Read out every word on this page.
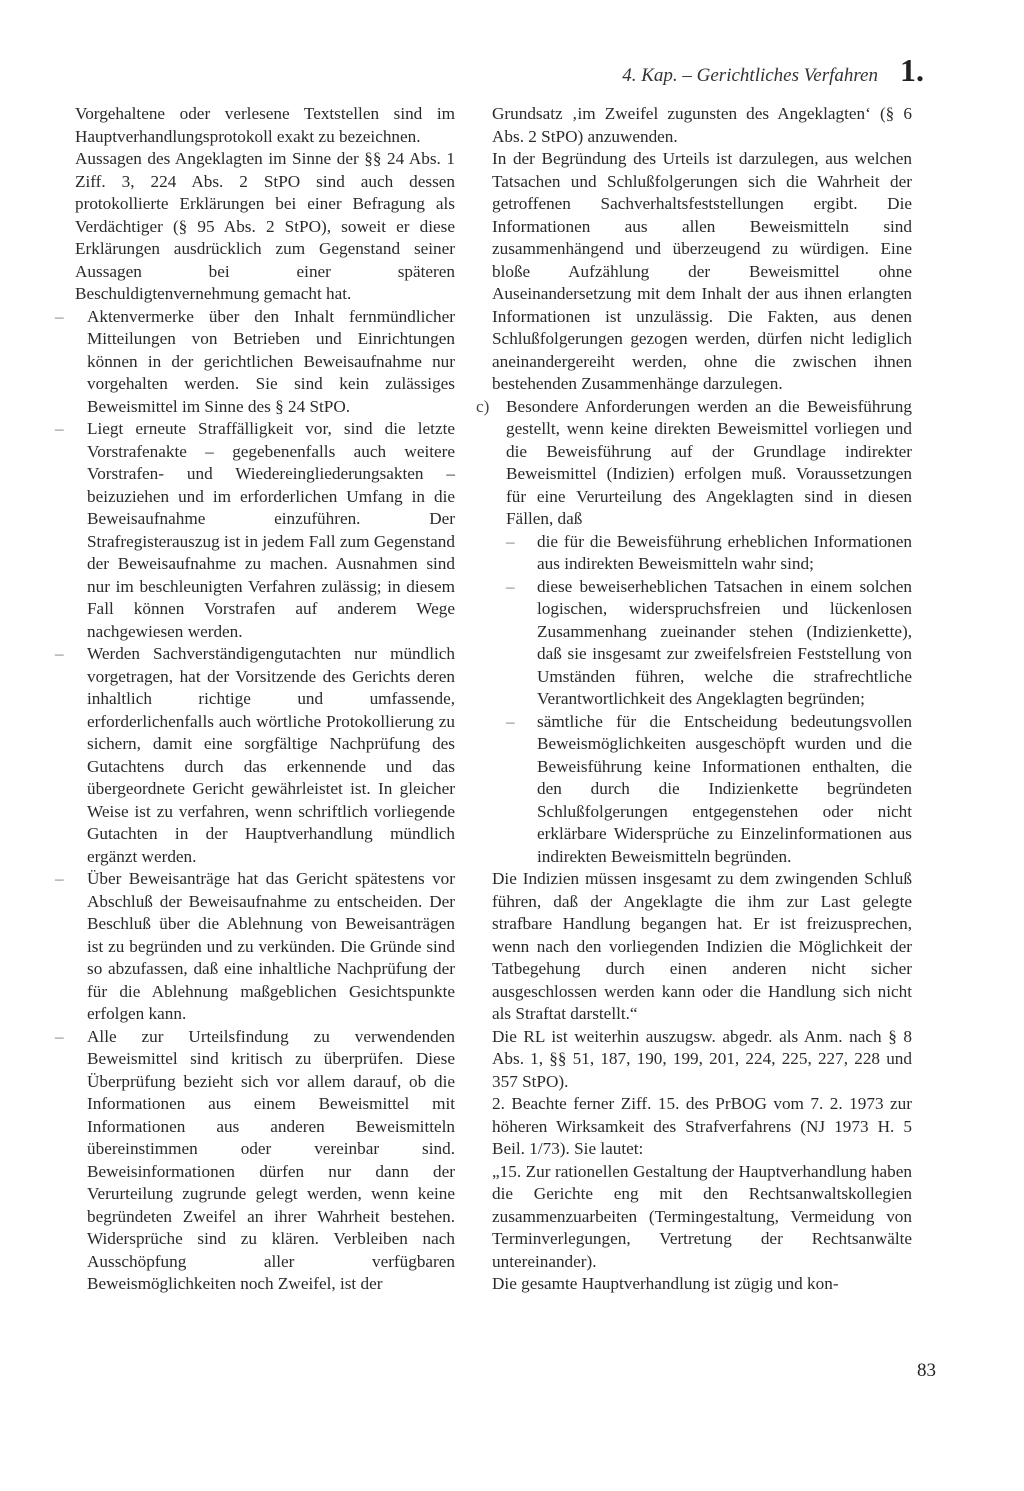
4. Kap. – Gerichtliches Verfahren 1.

Vorgehaltene oder verlesene Textstellen sind im Hauptverhandlungsprotokoll exakt zu bezeichnen.

Aussagen des Angeklagten im Sinne der §§ 24 Abs. 1 Ziff. 3, 224 Abs. 2 StPO sind auch dessen protokollierte Erklärungen bei einer Befragung als Verdächtiger (§ 95 Abs. 2 StPO), soweit er diese Erklärungen ausdrücklich zum Gegenstand seiner Aussagen bei einer späteren Beschuldigtenvernehmung gemacht hat.

– Aktenvermerke über den Inhalt fernmündlicher Mitteilungen von Betrieben und Einrichtungen können in der gerichtlichen Beweisaufnahme nur vorgehalten werden. Sie sind kein zulässiges Beweismittel im Sinne des § 24 StPO.

– Liegt erneute Straffälligkeit vor, sind die letzte Vorstrafenakte – gegebenenfalls auch weitere Vorstrafen- und Wiedereingliederungsakten – beizuziehen und im erforderlichen Umfang in die Beweisaufnahme einzuführen. Der Strafregisterauszug ist in jedem Fall zum Gegenstand der Beweisaufnahme zu machen. Ausnahmen sind nur im beschleunigten Verfahren zulässig; in diesem Fall können Vorstrafen auf anderem Wege nachgewiesen werden.

– Werden Sachverständigengutachten nur mündlich vorgetragen, hat der Vorsitzende des Gerichts deren inhaltlich richtige und umfassende, erforderlichenfalls auch wörtliche Protokollierung zu sichern, damit eine sorgfältige Nachprüfung des Gutachtens durch das erkennende und das übergeordnete Gericht gewährleistet ist. In gleicher Weise ist zu verfahren, wenn schriftlich vorliegende Gutachten in der Hauptverhandlung mündlich ergänzt werden.

– Über Beweisanträge hat das Gericht spätestens vor Abschluß der Beweisaufnahme zu entscheiden. Der Beschluß über die Ablehnung von Beweisanträgen ist zu begründen und zu verkünden. Die Gründe sind so abzufassen, daß eine inhaltliche Nachprüfung der für die Ablehnung maßgeblichen Gesichtspunkte erfolgen kann.

– Alle zur Urteilsfindung zu verwendenden Beweismittel sind kritisch zu überprüfen. Diese Überprüfung bezieht sich vor allem darauf, ob die Informationen aus einem Beweismittel mit Informationen aus anderen Beweismitteln übereinstimmen oder vereinbar sind. Beweisinformationen dürfen nur dann der Verurteilung zugrunde gelegt werden, wenn keine begründeten Zweifel an ihrer Wahrheit bestehen. Widersprüche sind zu klären. Verbleiben nach Ausschöpfung aller verfügbaren Beweismöglichkeiten noch Zweifel, ist der

Grundsatz ‚im Zweifel zugunsten des Angeklagten‘ (§ 6 Abs. 2 StPO) anzuwenden.

In der Begründung des Urteils ist darzulegen, aus welchen Tatsachen und Schlußfolgerungen sich die Wahrheit der getroffenen Sachverhaltsfeststellungen ergibt. Die Informationen aus allen Beweismitteln sind zusammenhängend und überzeugend zu würdigen. Eine bloße Aufzählung der Beweismittel ohne Auseinandersetzung mit dem Inhalt der aus ihnen erlangten Informationen ist unzulässig. Die Fakten, aus denen Schlußfolgerungen gezogen werden, dürfen nicht lediglich aneinandergereiht werden, ohne die zwischen ihnen bestehenden Zusammenhänge darzulegen.

c) Besondere Anforderungen werden an die Beweisführung gestellt, wenn keine direkten Beweismittel vorliegen und die Beweisführung auf der Grundlage indirekter Beweismittel (Indizien) erfolgen muß. Voraussetzungen für eine Verurteilung des Angeklagten sind in diesen Fällen, daß

– die für die Beweisführung erheblichen Informationen aus indirekten Beweismitteln wahr sind;

– diese beweiserheblichen Tatsachen in einem solchen logischen, widerspruchsfreien und lückenlosen Zusammenhang zueinander stehen (Indizienkette), daß sie insgesamt zur zweifelsfreien Feststellung von Umständen führen, welche die strafrechtliche Verantwortlichkeit des Angeklagten begründen;

– sämtliche für die Entscheidung bedeutungsvollen Beweismöglichkeiten ausgeschöpft wurden und die Beweisführung keine Informationen enthalten, die den durch die Indizienkette begründeten Schlußfolgerungen entgegenstehen oder nicht erklärbare Widersprüche zu Einzelinformationen aus indirekten Beweismitteln begründen.

Die Indizien müssen insgesamt zu dem zwingenden Schluß führen, daß der Angeklagte die ihm zur Last gelegte strafbare Handlung begangen hat. Er ist freizusprechen, wenn nach den vorliegenden Indizien die Möglichkeit der Tatbegehung durch einen anderen nicht sicher ausgeschlossen werden kann oder die Handlung sich nicht als Straftat darstellt.“

Die RL ist weiterhin auszugsw. abgedr. als Anm. nach § 8 Abs. 1, §§ 51, 187, 190, 199, 201, 224, 225, 227, 228 und 357 StPO).

2. Beachte ferner Ziff. 15. des PrBOG vom 7. 2. 1973 zur höheren Wirksamkeit des Strafverfahrens (NJ 1973 H. 5 Beil. 1/73). Sie lautet:

„15. Zur rationellen Gestaltung der Hauptverhandlung haben die Gerichte eng mit den Rechtsanwaltskollegien zusammenzuarbeiten (Termingestaltung, Vermeidung von Terminverlegungen, Vertretung der Rechtsanwälte untereinander).

Die gesamte Hauptverhandlung ist zügig und kon-

83
